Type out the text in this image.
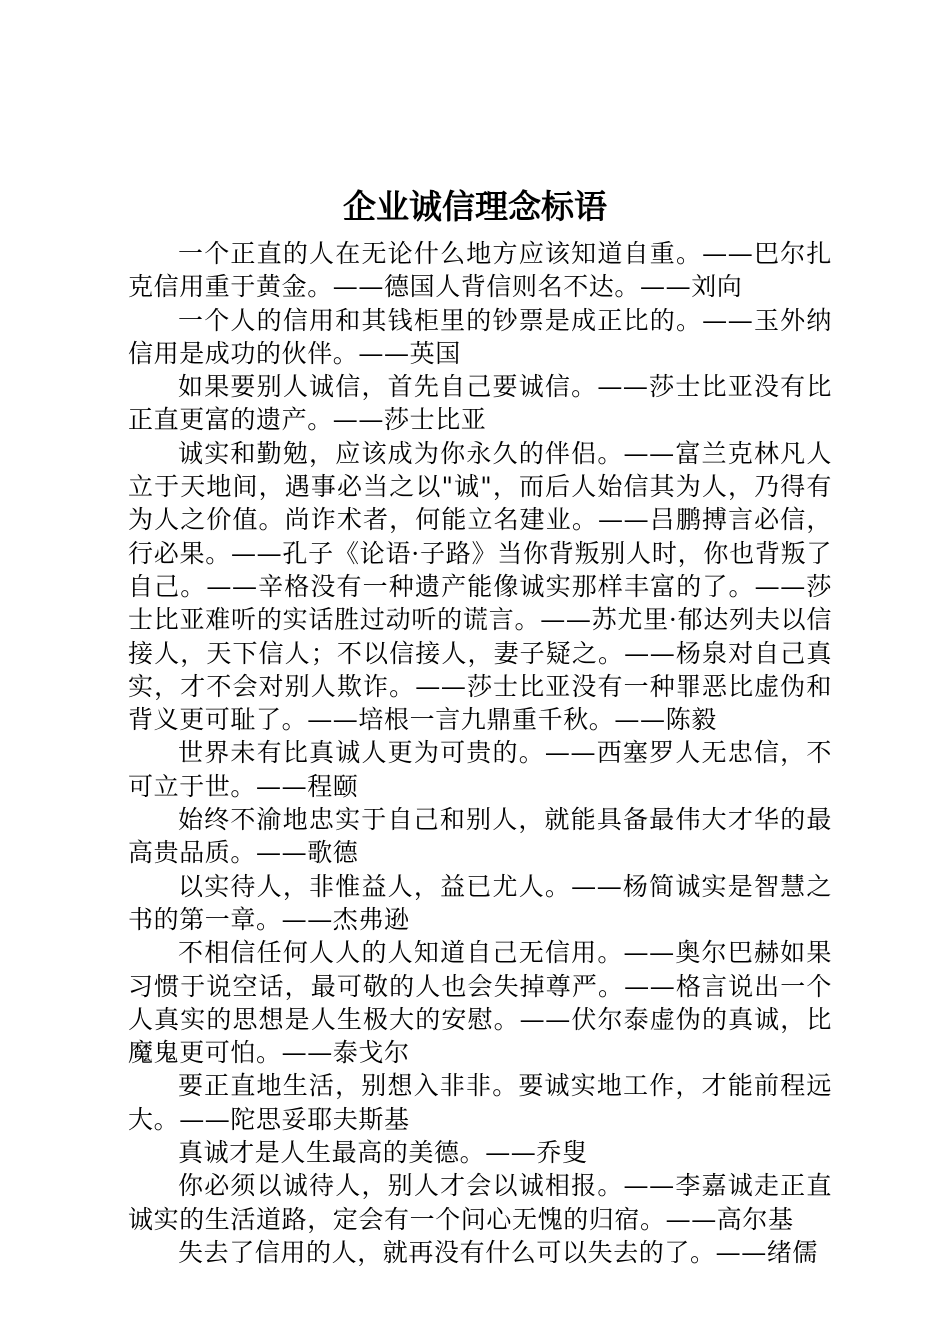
企业诚信理念标语

一个正直的人在无论什么地方应该知道自重。——巴尔扎克信用重于黄金。——德国人背信则名不达。——刘向

一个人的信用和其钱柜里的钞票是成正比的。——玉外纳信用是成功的伙伴。——英国

如果要别人诚信，首先自己要诚信。——莎士比亚没有比正直更富的遗产。——莎士比亚

诚实和勤勉，应该成为你永久的伴侣。——富兰克林凡人立于天地间，遇事必当之以"诚"，而后人始信其为人，乃得有为人之价值。尚诈术者，何能立名建业。——吕鹏搏言必信，行必果。——孔子《论语·子路》当你背叛别人时，你也背叛了自己。——辛格没有一种遗产能像诚实那样丰富的了。——莎士比亚难听的实话胜过动听的谎言。——苏尤里·郁达列夫以信接人，天下信人；不以信接人，妻子疑之。——杨泉对自己真实，才不会对别人欺诈。——莎士比亚没有一种罪恶比虚伪和背义更可耻了。——培根一言九鼎重千秋。——陈毅

世界未有比真诚人更为可贵的。——西塞罗人无忠信，不可立于世。——程颐

始终不渝地忠实于自己和别人，就能具备最伟大才华的最高贵品质。——歌德

以实待人，非惟益人，益已尤人。——杨简诚实是智慧之书的第一章。——杰弗逊

不相信任何人人的人知道自己无信用。——奥尔巴赫如果习惯于说空话，最可敬的人也会失掉尊严。——格言说出一个人真实的思想是人生极大的安慰。——伏尔泰虚伪的真诚，比魔鬼更可怕。——泰戈尔

要正直地生活，别想入非非。要诚实地工作，才能前程远大。——陀思妥耶夫斯基

真诚才是人生最高的美德。——乔叟

你必须以诚待人，别人才会以诚相报。——李嘉诚走正直诚实的生活道路，定会有一个问心无愧的归宿。——高尔基

失去了信用的人，就再没有什么可以失去的了。——绪儒
